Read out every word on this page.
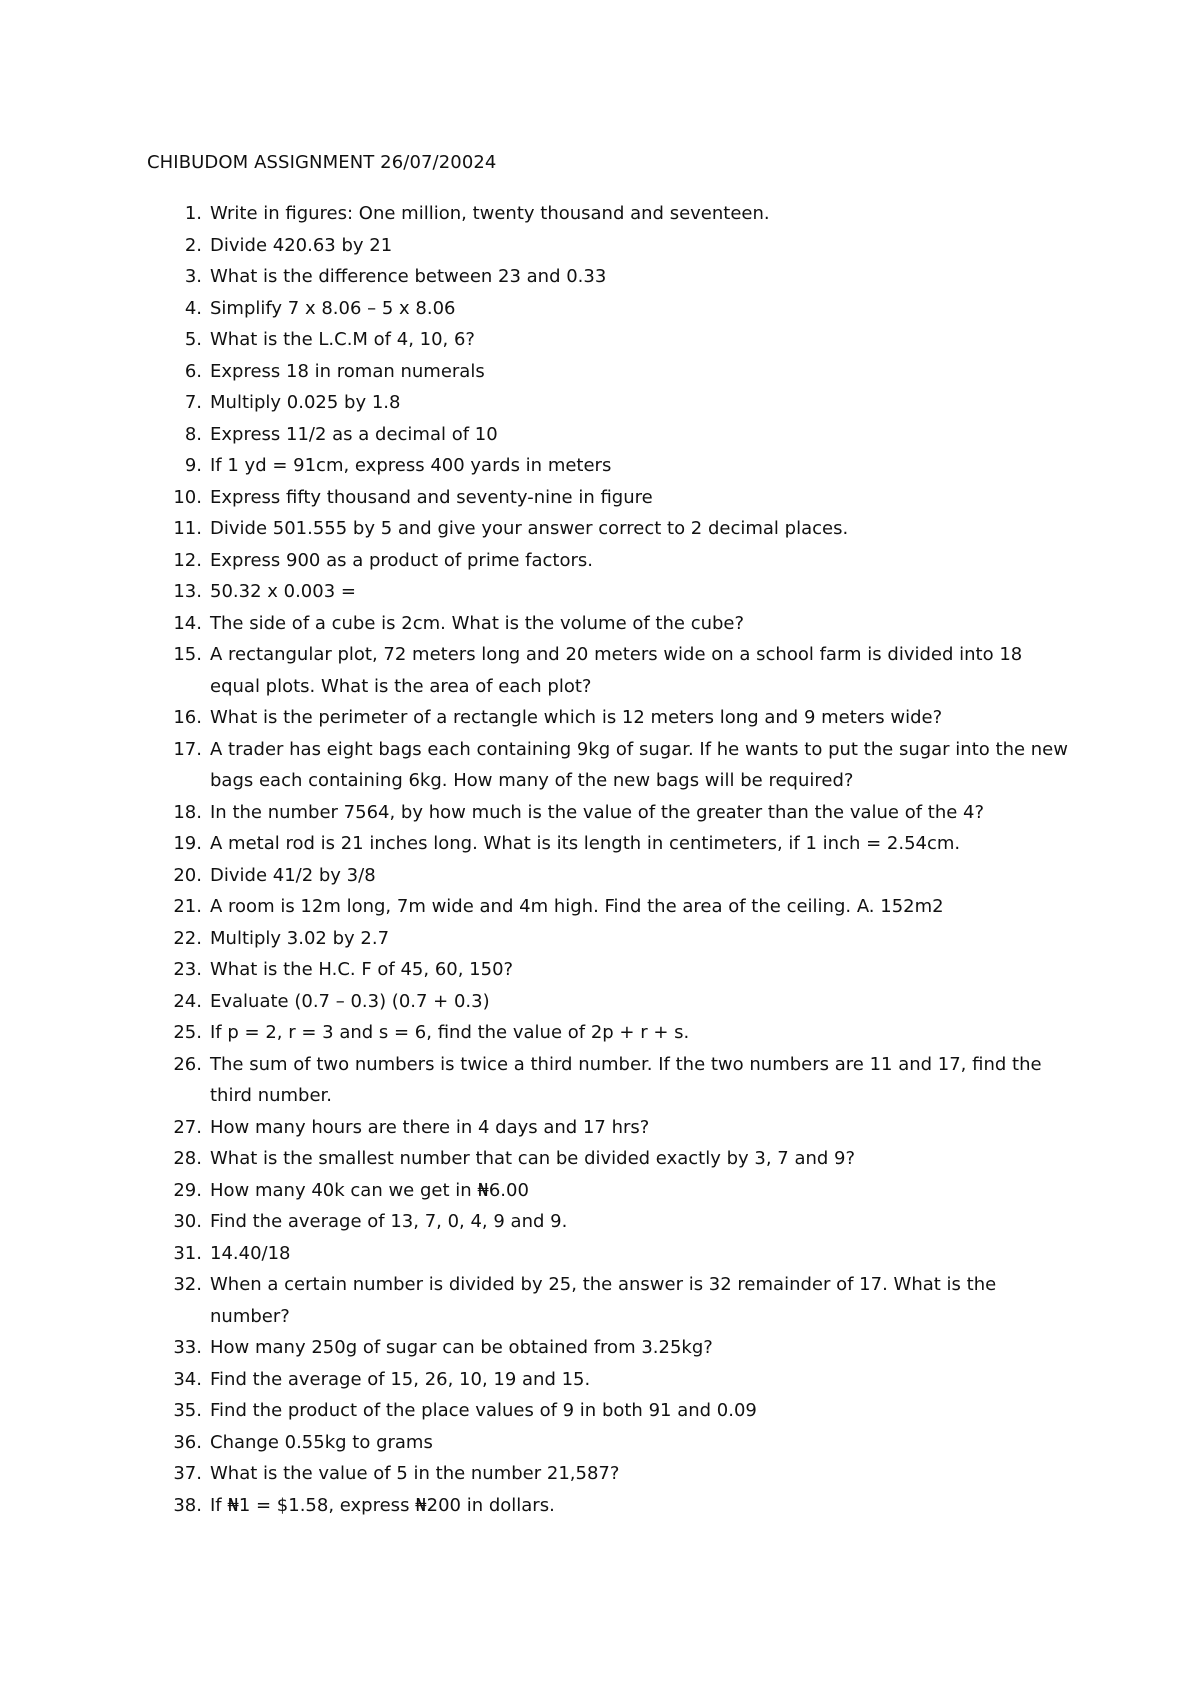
CHIBUDOM ASSIGNMENT 26/07/20024

1. Write in figures: One million, twenty thousand and seventeen.
2. Divide 420.63 by 21
3. What is the difference between 23 and 0.33
4. Simplify 7 x 8.06 – 5 x 8.06
5. What is the L.C.M of 4, 10, 6?
6. Express 18 in roman numerals
7. Multiply 0.025 by 1.8
8. Express 11/2 as a decimal of 10
9. If 1 yd = 91cm, express 400 yards in meters
10. Express fifty thousand and seventy-nine in figure
11. Divide 501.555 by 5 and give your answer correct to 2 decimal places.
12. Express 900 as a product of prime factors.
13. 50.32 x 0.003 =
14. The side of a cube is 2cm. What is the volume of the cube?
15. A rectangular plot, 72 meters long and 20 meters wide on a school farm is divided into 18 equal plots. What is the area of each plot?
16. What is the perimeter of a rectangle which is 12 meters long and 9 meters wide?
17. A trader has eight bags each containing 9kg of sugar. If he wants to put the sugar into the new bags each containing 6kg. How many of the new bags will be required?
18. In the number 7564, by how much is the value of the greater than the value of the 4?
19. A metal rod is 21 inches long. What is its length in centimeters, if 1 inch = 2.54cm.
20. Divide 41/2 by 3/8
21. A room is 12m long, 7m wide and 4m high. Find the area of the ceiling. A. 152m2
22. Multiply 3.02 by 2.7
23. What is the H.C. F of 45, 60, 150?
24. Evaluate (0.7 – 0.3) (0.7 + 0.3)
25. If p = 2, r = 3 and s = 6, find the value of 2p + r + s.
26. The sum of two numbers is twice a third number. If the two numbers are 11 and 17, find the third number.
27. How many hours are there in 4 days and 17 hrs?
28. What is the smallest number that can be divided exactly by 3, 7 and 9?
29. How many 40k can we get in ₦6.00
30. Find the average of 13, 7, 0, 4, 9 and 9.
31. 14.40/18
32. When a certain number is divided by 25, the answer is 32 remainder of 17. What is the number?
33. How many 250g of sugar can be obtained from 3.25kg?
34. Find the average of 15, 26, 10, 19 and 15.
35. Find the product of the place values of 9 in both 91 and 0.09
36. Change 0.55kg to grams
37. What is the value of 5 in the number 21,587?
38. If ₦1 = $1.58, express ₦200 in dollars.
